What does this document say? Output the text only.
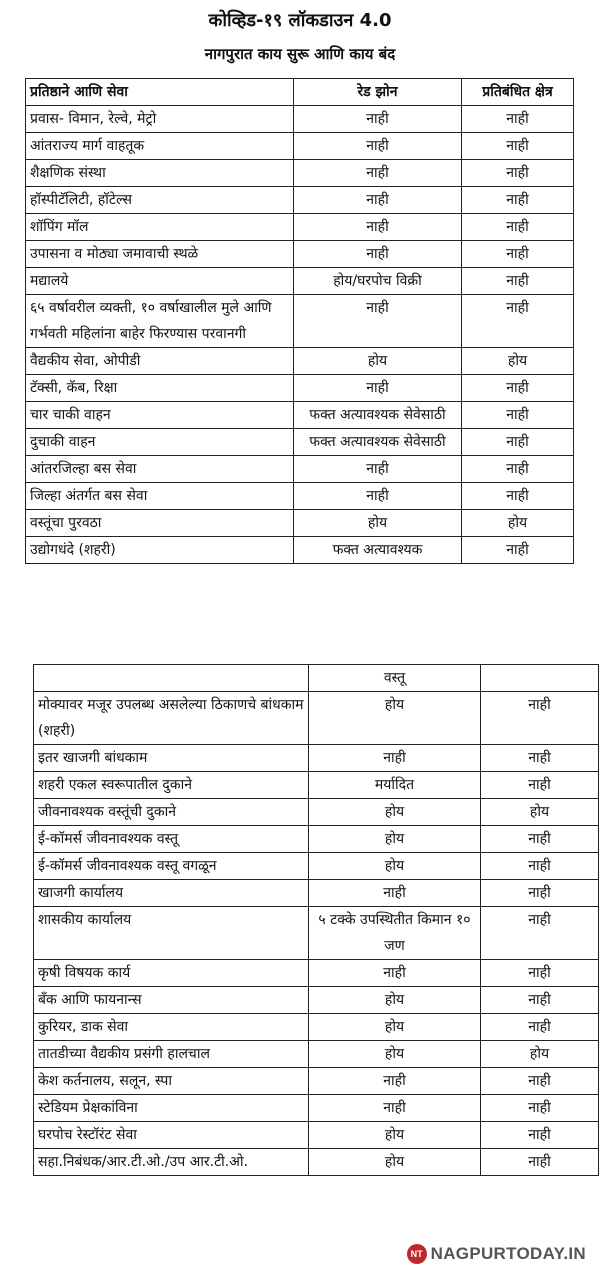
कोव्हिड-१९ लॉकडाउन 4.0
नागपुरात काय सुरू आणि काय बंद
प्रतिष्ठाने आणि सेवा	रेड झोन	प्रतिबंधित क्षेत्र
प्रवास- विमान, रेल्वे, मेट्रो	नाही	नाही
आंतराज्य मार्ग वाहतूक	नाही	नाही
शैक्षणिक संस्था	नाही	नाही
हॉस्पीटॅलिटी, हॉटेल्स	नाही	नाही
शॉपिंग मॉल	नाही	नाही
उपासना व मोठ्या जमावाची स्थळे	नाही	नाही
मद्यालये	होय/घरपोच विक्री	नाही
६५ वर्षावरील व्यक्ती, १० वर्षाखालील मुले आणि गर्भवती महिलांना बाहेर फिरण्यास परवानगी	नाही	नाही
वैद्यकीय सेवा, ओपीडी	होय	होय
टॅक्सी, कॅब, रिक्षा	नाही	नाही
चार चाकी वाहन	फक्त अत्यावश्यक सेवेसाठी	नाही
दुचाकी वाहन	फक्त अत्यावश्यक सेवेसाठी	नाही
आंतरजिल्हा बस सेवा	नाही	नाही
जिल्हा अंतर्गत बस सेवा	नाही	नाही
वस्तूंचा पुरवठा	होय	होय
उद्योगधंदे (शहरी)	फक्त अत्यावश्यक	नाही
	वस्तू	
मोक्यावर मजूर उपलब्ध असलेल्या ठिकाणचे बांधकाम (शहरी)	होय	नाही
इतर खाजगी बांधकाम	नाही	नाही
शहरी एकल स्वरूपातील दुकाने	मर्यादित	नाही
जीवनावश्यक वस्तूंची दुकाने	होय	होय
ई-कॉमर्स जीवनावश्यक वस्तू	होय	नाही
ई-कॉमर्स जीवनावश्यक वस्तू वगळून	होय	नाही
खाजगी कार्यालय	नाही	नाही
शासकीय कार्यालय	५ टक्के उपस्थितीत किमान १० जण	नाही
कृषी विषयक कार्य	नाही	नाही
बँक आणि फायनान्स	होय	नाही
कुरियर, डाक सेवा	होय	नाही
तातडीच्या वैद्यकीय प्रसंगी हालचाल	होय	होय
केश कर्तनालय, सलून, स्पा	नाही	नाही
स्टेडियम प्रेक्षकांविना	नाही	नाही
घरपोच रेस्टॉरंट सेवा	होय	नाही
सहा.निबंधक/आर.टी.ओ./उप आर.टी.ओ.	होय	नाही
NT NAGPURTODAY.IN
